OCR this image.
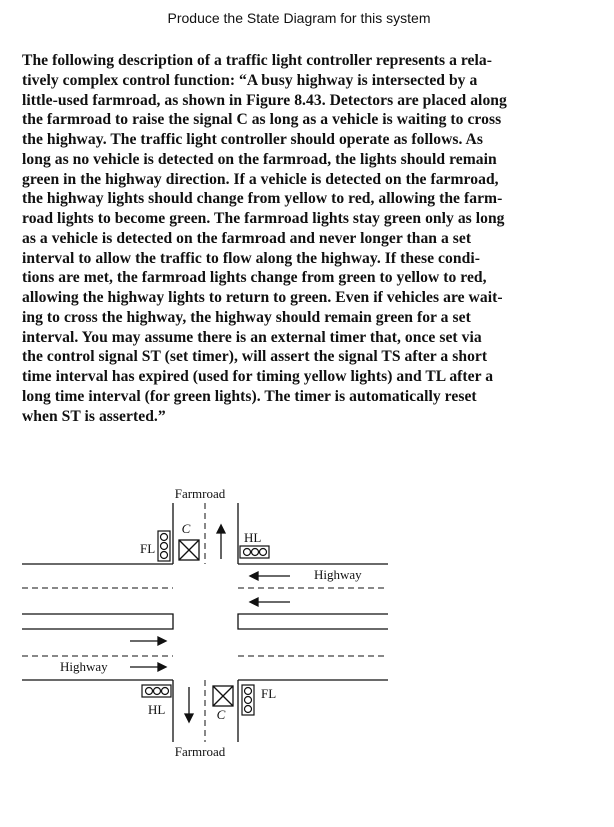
Produce the State Diagram for this system
The following description of a traffic light controller represents a rela-
tively complex control function: “A busy highway is intersected by a
little-used farmroad, as shown in Figure 8.43. Detectors are placed along
the farmroad to raise the signal C as long as a vehicle is waiting to cross
the highway. The traffic light controller should operate as follows. As
long as no vehicle is detected on the farmroad, the lights should remain
green in the highway direction. If a vehicle is detected on the farmroad,
the highway lights should change from yellow to red, allowing the farm-
road lights to become green. The farmroad lights stay green only as long
as a vehicle is detected on the farmroad and never longer than a set
interval to allow the traffic to flow along the highway. If these condi-
tions are met, the farmroad lights change from green to yellow to red,
allowing the highway lights to return to green. Even if vehicles are wait-
ing to cross the highway, the highway should remain green for a set
interval. You may assume there is an external timer that, once set via
the control signal ST (set timer), will assert the signal TS after a short
time interval has expired (used for timing yellow lights) and TL after a
long time interval (for green lights). The timer is automatically reset
when ST is asserted.”
Farmroad
C
FL
HL
Highway
Highway
HL	C
FL
Farmroad
